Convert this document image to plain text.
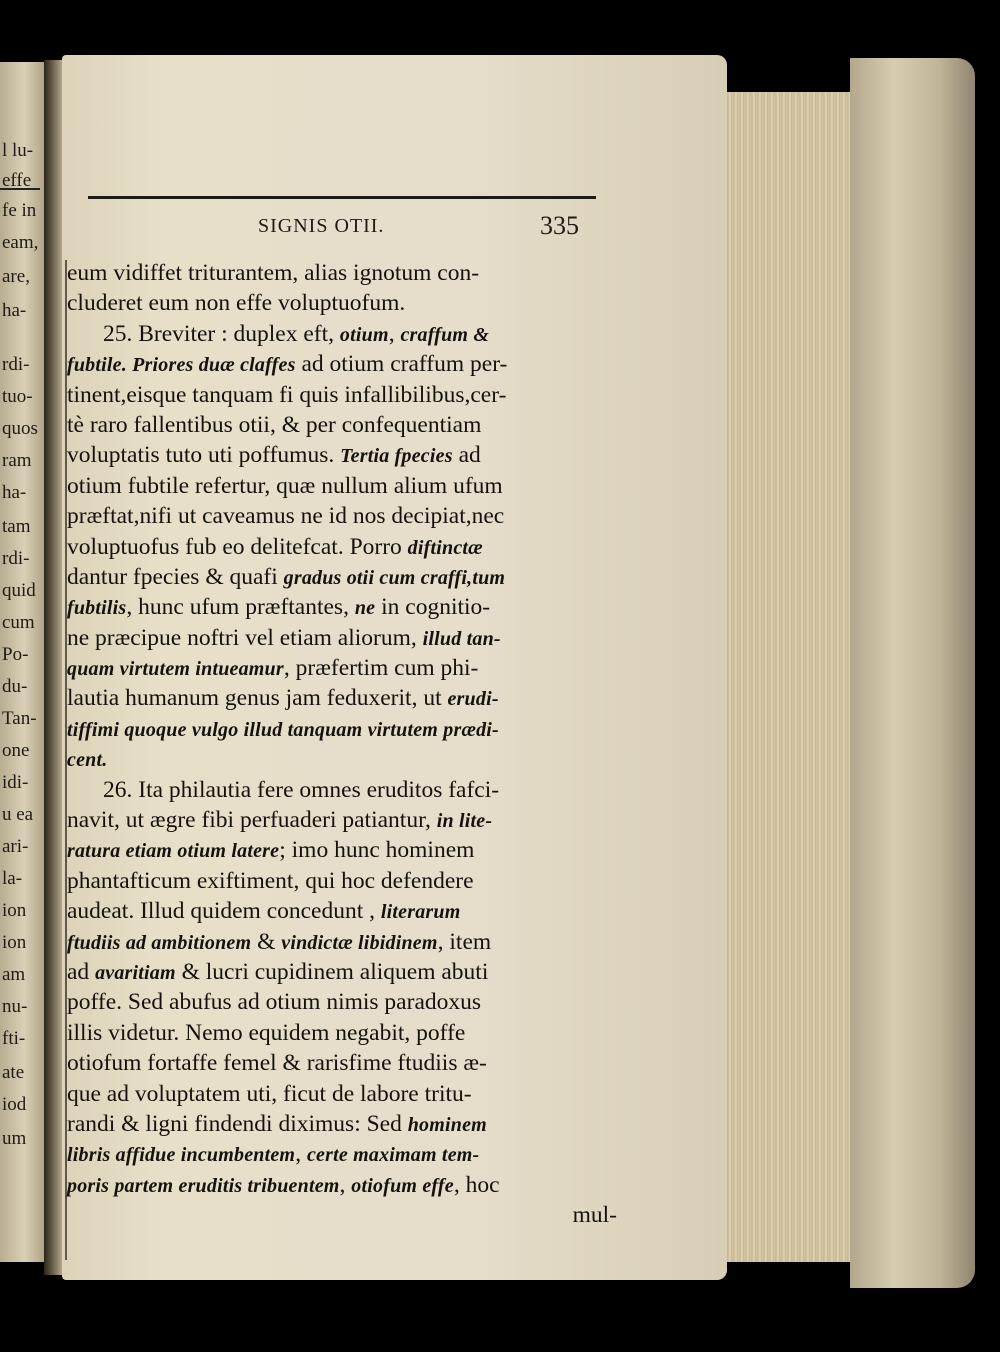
l lu-
effe
fe in
eam,
are,
ha-
rdi-
tuo-
quos
ram
ha-
tam
rdi-
quid
cum
Po-
du-
Tan-
one
idi-
u ea
ari-
la-
ion
ion
am
nu-
fti-
ate
iod
um
SIGNIS OTII.	335
eum vidiffet triturantem, alias ignotum con-
cluderet eum non effe voluptuofum.
25. Breviter : duplex eft, otium, craffum &
fubtile. Priores duæ claffes ad otium craffum per-
tinent,eisque tanquam fi quis infallibilibus,cer-
tè raro fallentibus otii, & per confequentiam
voluptatis tuto uti poffumus. Tertia fpecies ad
otium fubtile refertur, quæ nullum alium ufum
præftat,nifi ut caveamus ne id nos decipiat,nec
voluptuofus fub eo delitefcat. Porro diftinctæ
dantur fpecies & quafi gradus otii cum craffi,tum
fubtilis, hunc ufum præftantes, ne in cognitio-
ne præcipue noftri vel etiam aliorum, illud tan-
quam virtutem intueamur, præfertim cum phi-
lautia humanum genus jam feduxerit, ut erudi-
tiffimi quoque vulgo illud tanquam virtutem prædi-
cent.
26. Ita philautia fere omnes eruditos fafci-
navit, ut ægre fibi perfuaderi patiantur, in lite-
ratura etiam otium latere; imo hunc hominem
phantafticum exiftiment, qui hoc defendere
audeat. Illud quidem concedunt , literarum
ftudiis ad ambitionem & vindictæ libidinem, item
ad avaritiam & lucri cupidinem aliquem abuti
poffe. Sed abufus ad otium nimis paradoxus
illis videtur. Nemo equidem negabit, poffe
otiofum fortaffe femel & rarisfime ftudiis æ-
que ad voluptatem uti, ficut de labore tritu-
randi & ligni findendi diximus: Sed hominem
libris affidue incumbentem, certe maximam tem-
poris partem eruditis tribuentem, otiofum effe, hoc
mul-
